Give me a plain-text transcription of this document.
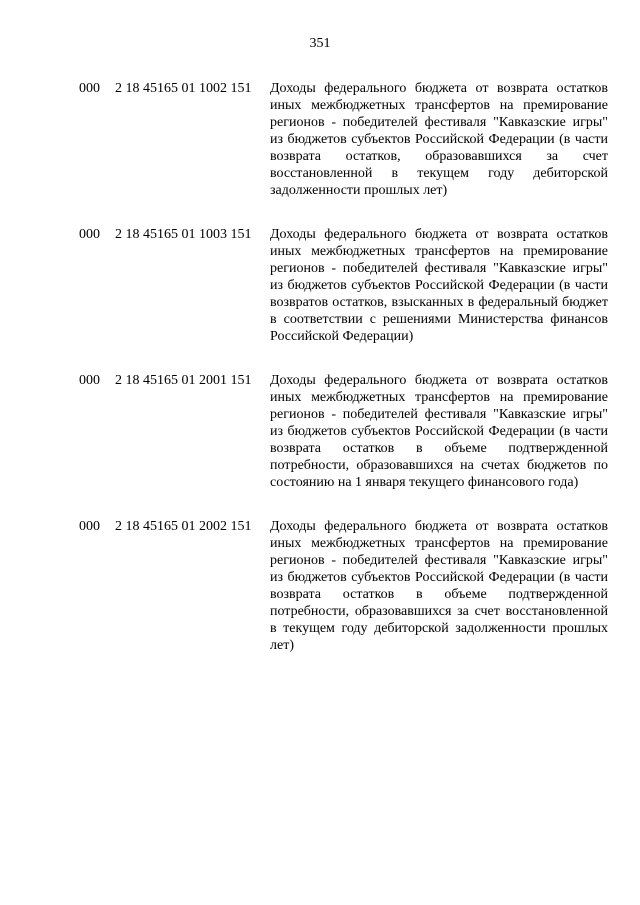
351
000 2 18 45165 01 1002 151 Доходы федерального бюджета от возврата остатков иных межбюджетных трансфертов на премирование регионов - победителей фестиваля "Кавказские игры" из бюджетов субъектов Российской Федерации (в части возврата остатков, образовавшихся за счет восстановленной в текущем году дебиторской задолженности прошлых лет)
000 2 18 45165 01 1003 151 Доходы федерального бюджета от возврата остатков иных межбюджетных трансфертов на премирование регионов - победителей фестиваля "Кавказские игры" из бюджетов субъектов Российской Федерации (в части возвратов остатков, взысканных в федеральный бюджет в соответствии с решениями Министерства финансов Российской Федерации)
000 2 18 45165 01 2001 151 Доходы федерального бюджета от возврата остатков иных межбюджетных трансфертов на премирование регионов - победителей фестиваля "Кавказские игры" из бюджетов субъектов Российской Федерации (в части возврата остатков в объеме подтвержденной потребности, образовавшихся на счетах бюджетов по состоянию на 1 января текущего финансового года)
000 2 18 45165 01 2002 151 Доходы федерального бюджета от возврата остатков иных межбюджетных трансфертов на премирование регионов - победителей фестиваля "Кавказские игры" из бюджетов субъектов Российской Федерации (в части возврата остатков в объеме подтвержденной потребности, образовавшихся за счет восстановленной в текущем году дебиторской задолженности прошлых лет)
